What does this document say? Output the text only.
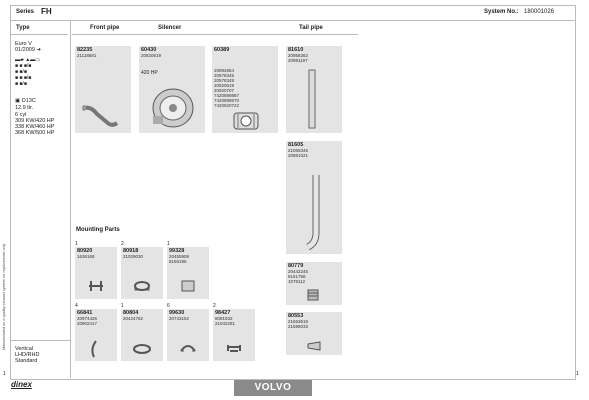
Manufactured as a quality exhaust system for replacement only
Series FH	System No.: 180001026
Type	Front pipe	Silencer	Tail pipe
Euro V
01/2009 ➔
▬▰ ▲▬▭
■ ■ ■/■
■ ■/■
■ ■ ■/■
■ ■/■
▣ D13C
12.9 ltr.
6 cyl
309 KW/420 HP
338 KW/460 HP
368 KW/500 HP
Vertical
LHD/RHD
Standard
82235
21118681
60430
20820619
420 HP
60389
20894854
20578345
20578348
20920619
20920707
7420899867
7420899870
7420920722
81610
20958362
20981197
81605
21065346
20981021
80779
20442245
8151758
1078112
80553
21653619
21598033
Mounting Parts
1
80920
1636168
2
80918
21029030
1
99328
20455908
8156196
4
66841
20974426
20902417
1
80804
20424762
6
99630
20743152
2
98427
8081932
21042281
1	1
dinex	VOLVO
